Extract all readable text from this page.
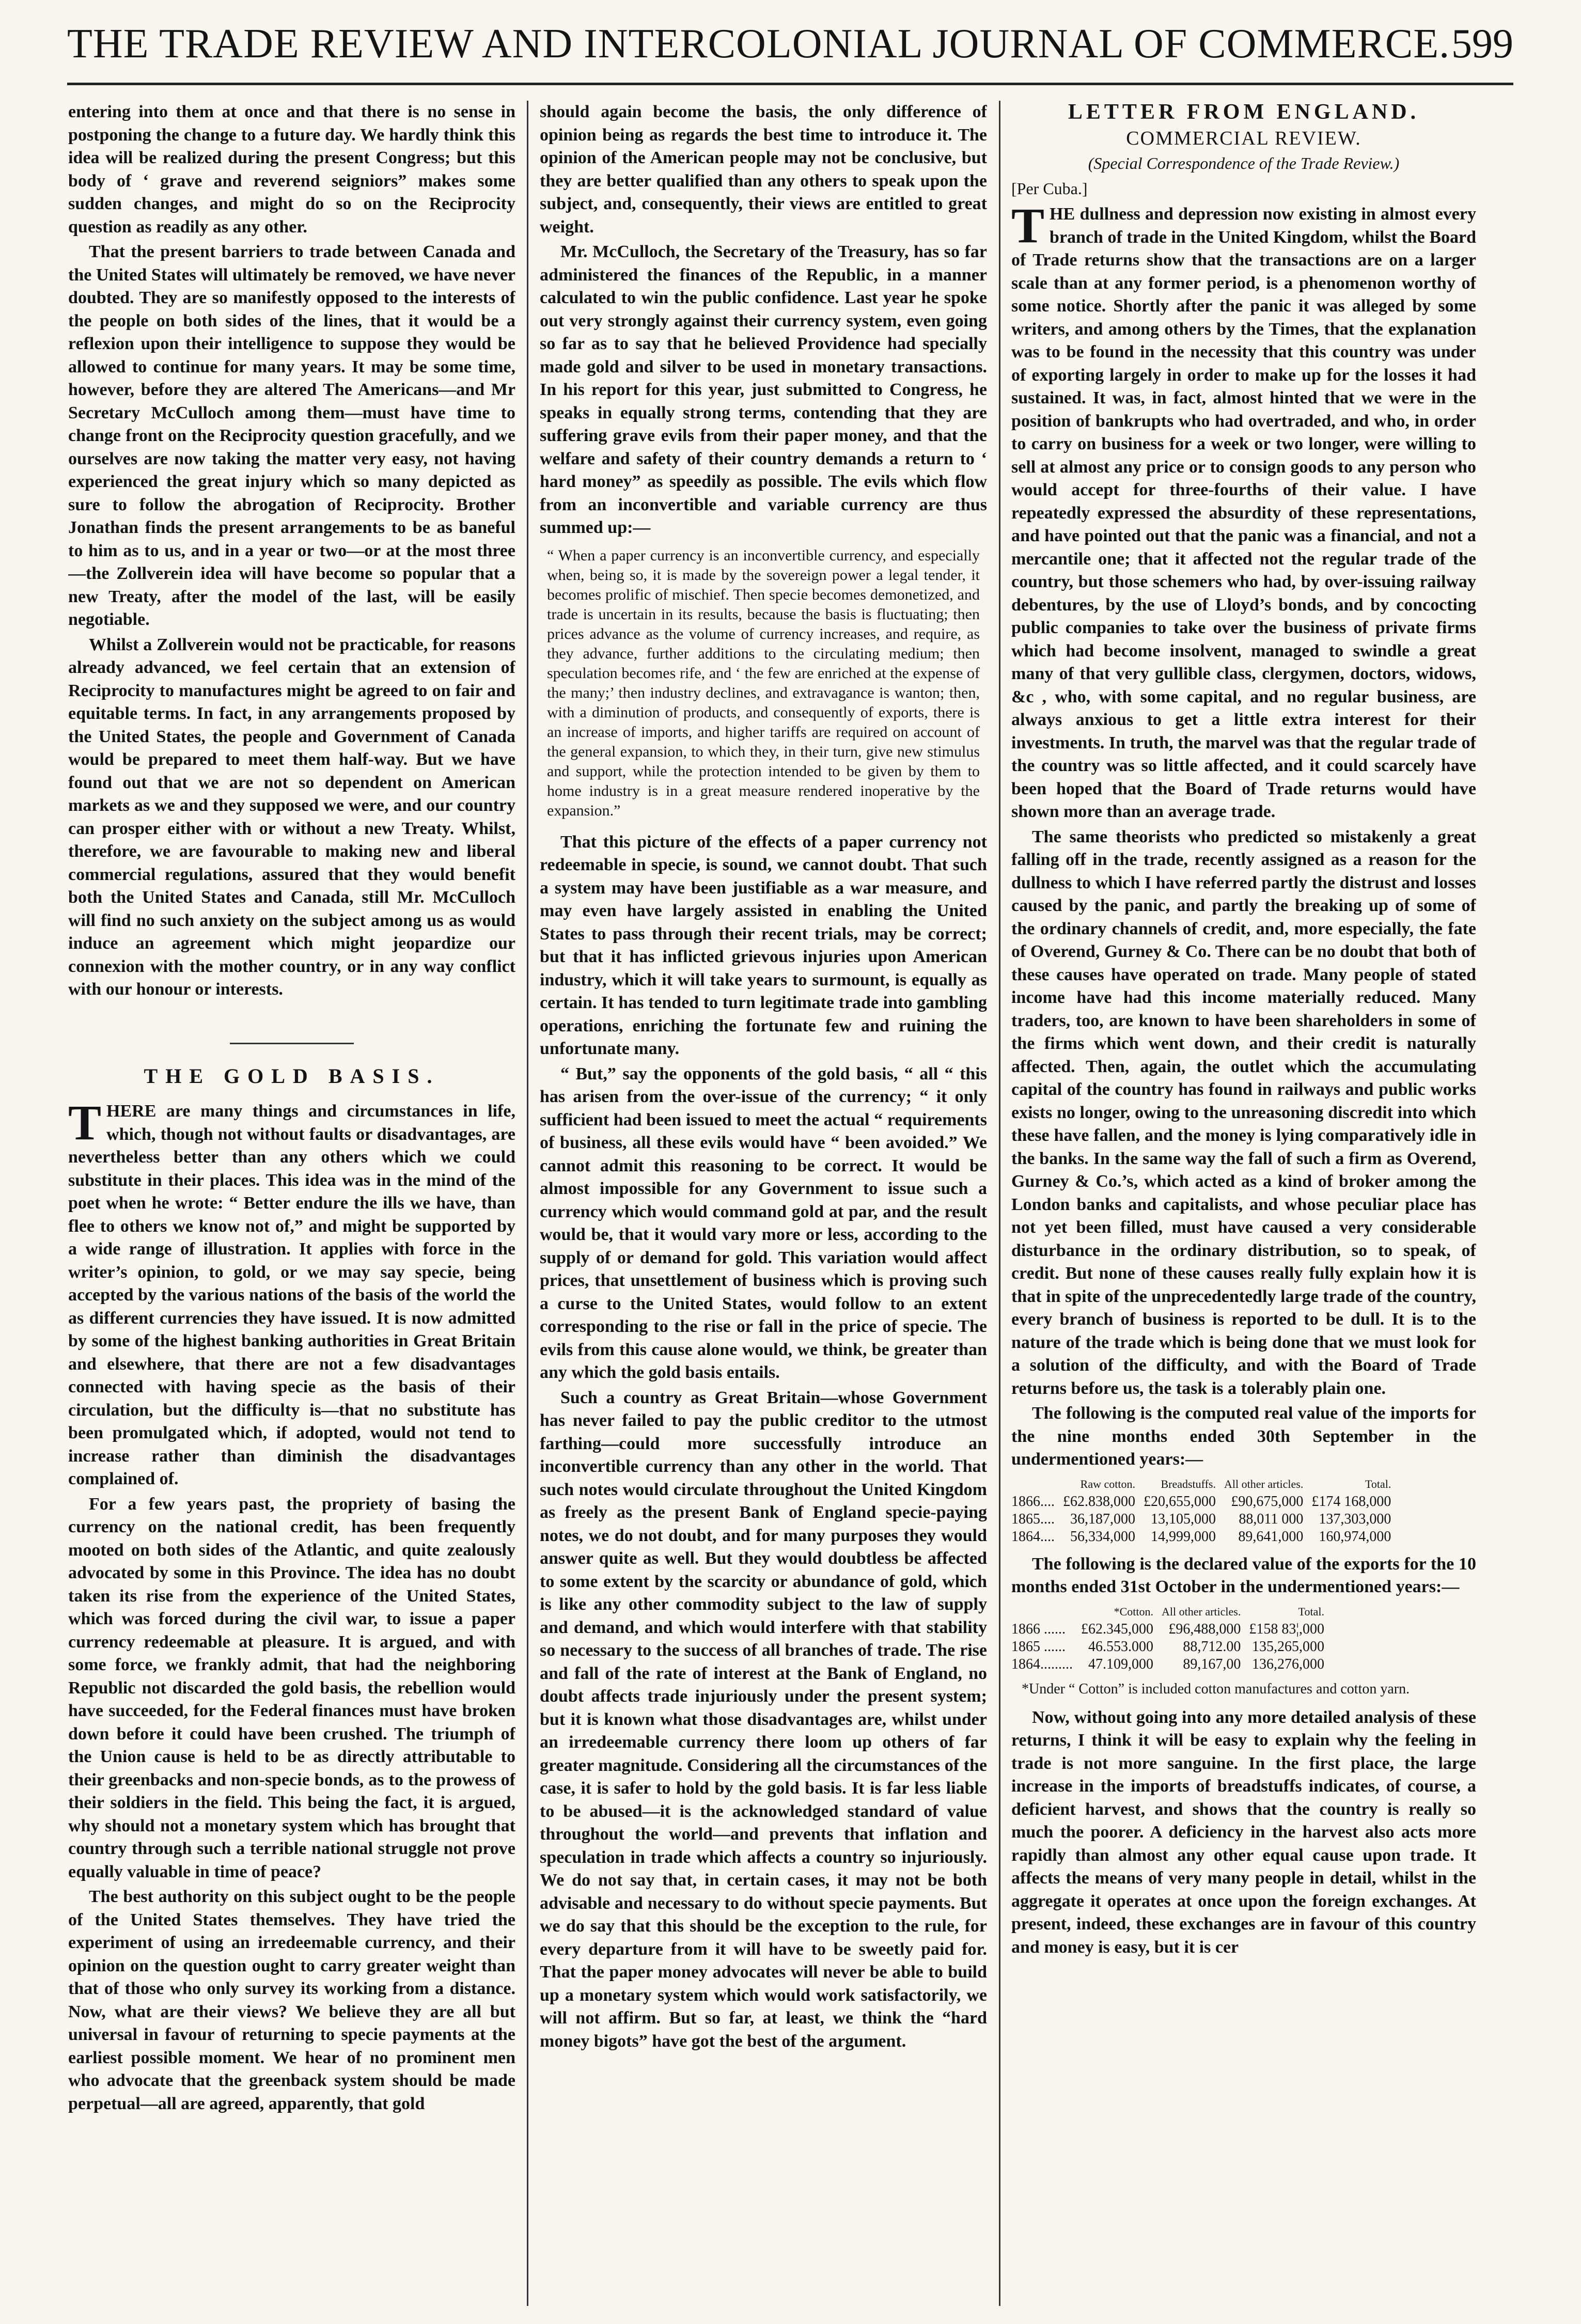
THE TRADE REVIEW AND INTERCOLONIAL JOURNAL OF COMMERCE. 599

entering into them at once and that there is no sense in postponing the change to a future day. We hardly think this idea will be realized during the present Congress; but this body of ‘ grave and reverend seigniors” makes some sudden changes, and might do so on the Reciprocity question as readily as any other.

That the present barriers to trade between Canada and the United States will ultimately be removed, we have never doubted. They are so manifestly opposed to the interests of the people on both sides of the lines, that it would be a reflexion upon their intelligence to suppose they would be allowed to continue for many years. It may be some time, however, before they are altered The Americans—and Mr Secretary McCulloch among them—must have time to change front on the Reciprocity question gracefully, and we ourselves are now taking the matter very easy, not having experienced the great injury which so many depicted as sure to follow the abrogation of Reciprocity. Brother Jonathan finds the present arrangements to be as baneful to him as to us, and in a year or two—or at the most three—the Zollverein idea will have become so popular that a new Treaty, after the model of the last, will be easily negotiable.

Whilst a Zollverein would not be practicable, for reasons already advanced, we feel certain that an extension of Reciprocity to manufactures might be agreed to on fair and equitable terms. In fact, in any arrangements proposed by the United States, the people and Government of Canada would be prepared to meet them half-way. But we have found out that we are not so dependent on American markets as we and they supposed we were, and our country can prosper either with or without a new Treaty. Whilst, therefore, we are favourable to making new and liberal commercial regulations, assured that they would benefit both the United States and Canada, still Mr. McCulloch will find no such anxiety on the subject among us as would induce an agreement which might jeopardize our connexion with the mother country, or in any way conflict with our honour or interests.

THE GOLD BASIS.

THERE are many things and circumstances in life, which, though not without faults or disadvantages, are nevertheless better than any others which we could substitute in their places. This idea was in the mind of the poet when he wrote: “ Better endure the ills we have, than flee to others we know not of,” and might be supported by a wide range of illustration. It applies with force in the writer’s opinion, to gold, or we may say specie, being accepted by the various nations of the basis of the world the as different currencies they have issued. It is now admitted by some of the highest banking authorities in Great Britain and elsewhere, that there are not a few disadvantages connected with having specie as the basis of their circulation, but the difficulty is—that no substitute has been promulgated which, if adopted, would not tend to increase rather than diminish the disadvantages complained of.

For a few years past, the propriety of basing the currency on the national credit, has been frequently mooted on both sides of the Atlantic, and quite zealously advocated by some in this Province. The idea has no doubt taken its rise from the experience of the United States, which was forced during the civil war, to issue a paper currency redeemable at pleasure. It is argued, and with some force, we frankly admit, that had the neighboring Republic not discarded the gold basis, the rebellion would have succeeded, for the Federal finances must have broken down before it could have been crushed. The triumph of the Union cause is held to be as directly attributable to their greenbacks and non-specie bonds, as to the prowess of their soldiers in the field. This being the fact, it is argued, why should not a monetary system which has brought that country through such a terrible national struggle not prove equally valuable in time of peace?

The best authority on this subject ought to be the people of the United States themselves. They have tried the experiment of using an irredeemable currency, and their opinion on the question ought to carry greater weight than that of those who only survey its working from a distance. Now, what are their views? We believe they are all but universal in favour of returning to specie payments at the earliest possible moment. We hear of no prominent men who advocate that the greenback system should be made perpetual—all are agreed, apparently, that gold

should again become the basis, the only difference of opinion being as regards the best time to introduce it. The opinion of the American people may not be conclusive, but they are better qualified than any others to speak upon the subject, and, consequently, their views are entitled to great weight.

Mr. McCulloch, the Secretary of the Treasury, has so far administered the finances of the Republic, in a manner calculated to win the public confidence. Last year he spoke out very strongly against their currency system, even going so far as to say that he believed Providence had specially made gold and silver to be used in monetary transactions. In his report for this year, just submitted to Congress, he speaks in equally strong terms, contending that they are suffering grave evils from their paper money, and that the welfare and safety of their country demands a return to ‘ hard money” as speedily as possible. The evils which flow from an inconvertible and variable currency are thus summed up:—

“ When a paper currency is an inconvertible currency, and especially when, being so, it is made by the sovereign power a legal tender, it becomes prolific of mischief. Then specie becomes demonetized, and trade is uncertain in its results, because the basis is fluctuating; then prices advance as the volume of currency increases, and require, as they advance, further additions to the circulating medium; then speculation becomes rife, and ‘ the few are enriched at the expense of the many;’ then industry declines, and extravagance is wanton; then, with a diminution of products, and consequently of exports, there is an increase of imports, and higher tariffs are required on account of the general expansion, to which they, in their turn, give new stimulus and support, while the protection intended to be given by them to home industry is in a great measure rendered inoperative by the expansion.”

That this picture of the effects of a paper currency not redeemable in specie, is sound, we cannot doubt. That such a system may have been justifiable as a war measure, and may even have largely assisted in enabling the United States to pass through their recent trials, may be correct; but that it has inflicted grievous injuries upon American industry, which it will take years to surmount, is equally as certain. It has tended to turn legitimate trade into gambling operations, enriching the fortunate few and ruining the unfortunate many.

“ But,” say the opponents of the gold basis, “ all “ this has arisen from the over-issue of the currency; “ it only sufficient had been issued to meet the actual “ requirements of business, all these evils would have “ been avoided.” We cannot admit this reasoning to be correct. It would be almost impossible for any Government to issue such a currency which would command gold at par, and the result would be, that it would vary more or less, according to the supply of or demand for gold. This variation would affect prices, that unsettlement of business which is proving such a curse to the United States, would follow to an extent corresponding to the rise or fall in the price of specie. The evils from this cause alone would, we think, be greater than any which the gold basis entails.

Such a country as Great Britain—whose Government has never failed to pay the public creditor to the utmost farthing—could more successfully introduce an inconvertible currency than any other in the world. That such notes would circulate throughout the United Kingdom as freely as the present Bank of England specie-paying notes, we do not doubt, and for many purposes they would answer quite as well. But they would doubtless be affected to some extent by the scarcity or abundance of gold, which is like any other commodity subject to the law of supply and demand, and which would interfere with that stability so necessary to the success of all branches of trade. The rise and fall of the rate of interest at the Bank of England, no doubt affects trade injuriously under the present system; but it is known what those disadvantages are, whilst under an irredeemable currency there loom up others of far greater magnitude. Considering all the circumstances of the case, it is safer to hold by the gold basis. It is far less liable to be abused—it is the acknowledged standard of value throughout the world—and prevents that inflation and speculation in trade which affects a country so injuriously. We do not say that, in certain cases, it may not be both advisable and necessary to do without specie payments. But we do say that this should be the exception to the rule, for every departure from it will have to be sweetly paid for. That the paper money advocates will never be able to build up a monetary system which would work satisfactorily, we will not affirm. But so far, at least, we think the “hard money bigots” have got the best of the argument.

LETTER FROM ENGLAND.
COMMERCIAL REVIEW.
(Special Correspondence of the Trade Review.)
[Per Cuba.]

THE dullness and depression now existing in almost every branch of trade in the United Kingdom, whilst the Board of Trade returns show that the transactions are on a larger scale than at any former period, is a phenomenon worthy of some notice. Shortly after the panic it was alleged by some writers, and among others by the Times, that the explanation was to be found in the necessity that this country was under of exporting largely in order to make up for the losses it had sustained. It was, in fact, almost hinted that we were in the position of bankrupts who had overtraded, and who, in order to carry on business for a week or two longer, were willing to sell at almost any price or to consign goods to any person who would accept for three-fourths of their value. I have repeatedly expressed the absurdity of these representations, and have pointed out that the panic was a financial, and not a mercantile one; that it affected not the regular trade of the country, but those schemers who had, by over-issuing railway debentures, by the use of Lloyd’s bonds, and by concocting public companies to take over the business of private firms which had become insolvent, managed to swindle a great many of that very gullible class, clergymen, doctors, widows, &c , who, with some capital, and no regular business, are always anxious to get a little extra interest for their investments. In truth, the marvel was that the regular trade of the country was so little affected, and it could scarcely have been hoped that the Board of Trade returns would have shown more than an average trade.

The same theorists who predicted so mistakenly a great falling off in the trade, recently assigned as a reason for the dullness to which I have referred partly the distrust and losses caused by the panic, and partly the breaking up of some of the ordinary channels of credit, and, more especially, the fate of Overend, Gurney & Co. There can be no doubt that both of these causes have operated on trade. Many people of stated income have had this income materially reduced. Many traders, too, are known to have been shareholders in some of the firms which went down, and their credit is naturally affected. Then, again, the outlet which the accumulating capital of the country has found in railways and public works exists no longer, owing to the unreasoning discredit into which these have fallen, and the money is lying comparatively idle in the banks. In the same way the fall of such a firm as Overend, Gurney & Co.’s, which acted as a kind of broker among the London banks and capitalists, and whose peculiar place has not yet been filled, must have caused a very considerable disturbance in the ordinary distribution, so to speak, of credit. But none of these causes really fully explain how it is that in spite of the unprecedentedly large trade of the country, every branch of business is reported to be dull. It is to the nature of the trade which is being done that we must look for a solution of the difficulty, and with the Board of Trade returns before us, the task is a tolerably plain one.

The following is the computed real value of the imports for the nine months ended 30th September in the undermentioned years:—

	Raw cotton.	Breadstuffs.	All other articles.	Total.
1866....	£62.838,000	£20,655,000	£90,675,000	£174 168,000
1865....	36,187,000	13,105,000	88,011 000	137,303,000
1864....	56,334,000	14,999,000	89,641,000	160,974,000

The following is the declared value of the exports for the 10 months ended 31st October in the undermentioned years:—

	*Cotton.	All other articles.	Total.
1866 ......	£62.345,000	£96,488,000	£158 83¦,000
1865 ......	46.553.000	88,712.00	135,265,000
1864.........	47.109,000	89,167,00	136,276,000
*Under “ Cotton” is included cotton manufactures and cotton yarn.

Now, without going into any more detailed analysis of these returns, I think it will be easy to explain why the feeling in trade is not more sanguine. In the first place, the large increase in the imports of breadstuffs indicates, of course, a deficient harvest, and shows that the country is really so much the poorer. A deficiency in the harvest also acts more rapidly than almost any other equal cause upon trade. It affects the means of very many people in detail, whilst in the aggregate it operates at once upon the foreign exchanges. At present, indeed, these exchanges are in favour of this country and money is easy, but it is cer
